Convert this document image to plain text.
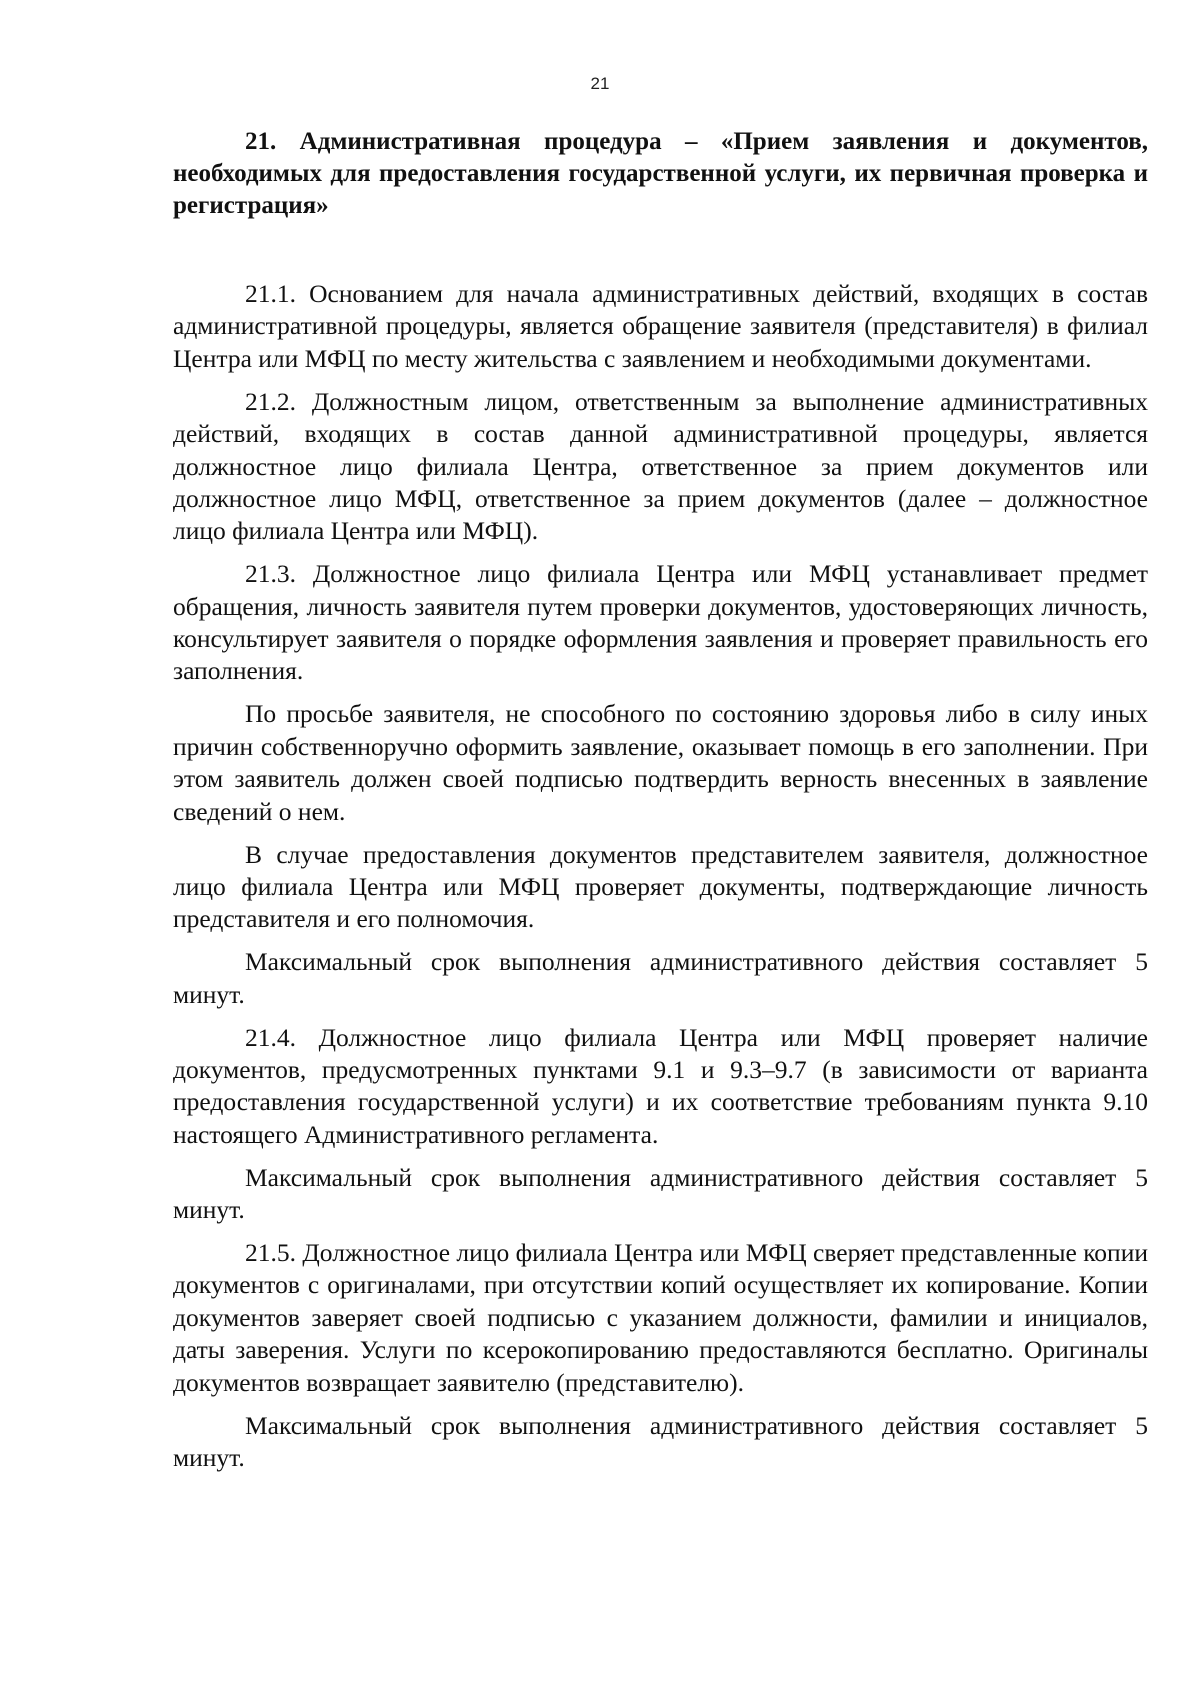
21

21. Административная процедура – «Прием заявления и документов, необходимых для предоставления государственной услуги, их первичная проверка и регистрация»

21.1. Основанием для начала административных действий, входящих в состав административной процедуры, является обращение заявителя (представителя) в филиал Центра или МФЦ по месту жительства с заявлением и необходимыми документами.

21.2. Должностным лицом, ответственным за выполнение административных действий, входящих в состав данной административной процедуры, является должностное лицо филиала Центра, ответственное за прием документов или должностное лицо МФЦ, ответственное за прием документов (далее – должностное лицо филиала Центра или МФЦ).

21.3. Должностное лицо филиала Центра или МФЦ устанавливает предмет обращения, личность заявителя путем проверки документов, удостоверяющих личность, консультирует заявителя о порядке оформления заявления и проверяет правильность его заполнения.

По просьбе заявителя, не способного по состоянию здоровья либо в силу иных причин собственноручно оформить заявление, оказывает помощь в его заполнении. При этом заявитель должен своей подписью подтвердить верность внесенных в заявление сведений о нем.

В случае предоставления документов представителем заявителя, должностное лицо филиала Центра или МФЦ проверяет документы, подтверждающие личность представителя и его полномочия.

Максимальный срок выполнения административного действия составляет 5 минут.

21.4. Должностное лицо филиала Центра или МФЦ проверяет наличие документов, предусмотренных пунктами 9.1 и 9.3–9.7 (в зависимости от варианта предоставления государственной услуги) и их соответствие требованиям пункта 9.10 настоящего Административного регламента.

Максимальный срок выполнения административного действия составляет 5 минут.

21.5. Должностное лицо филиала Центра или МФЦ сверяет представленные копии документов с оригиналами, при отсутствии копий осуществляет их копирование. Копии документов заверяет своей подписью с указанием должности, фамилии и инициалов, даты заверения. Услуги по ксерокопированию предоставляются бесплатно. Оригиналы документов возвращает заявителю (представителю).

Максимальный срок выполнения административного действия составляет 5 минут.
